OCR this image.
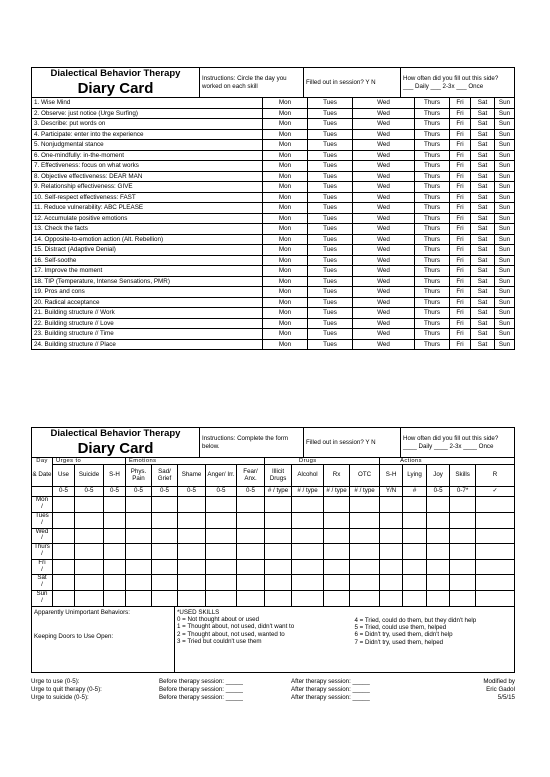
Dialectical Behavior Therapy
Diary Card
	Instructions: Circle the day you worked on each skill	Filled out in session? Y N	
How often did you fill out this side?
___ Daily ___ 2-3x ___ Once
1. Wise Mind	Mon	Tues	Wed	Thurs	Fri	Sat	Sun
2. Observe: just notice (Urge Surfing)	Mon	Tues	Wed	Thurs	Fri	Sat	Sun
3. Describe: put words on	Mon	Tues	Wed	Thurs	Fri	Sat	Sun
4. Participate: enter into the experience	Mon	Tues	Wed	Thurs	Fri	Sat	Sun
5. Nonjudgmental stance	Mon	Tues	Wed	Thurs	Fri	Sat	Sun
6. One-mindfully: in-the-moment	Mon	Tues	Wed	Thurs	Fri	Sat	Sun
7. Effectiveness: focus on what works	Mon	Tues	Wed	Thurs	Fri	Sat	Sun
8. Objective effectiveness: DEAR MAN	Mon	Tues	Wed	Thurs	Fri	Sat	Sun
9. Relationship effectiveness: GIVE	Mon	Tues	Wed	Thurs	Fri	Sat	Sun
10. Self-respect effectiveness: FAST	Mon	Tues	Wed	Thurs	Fri	Sat	Sun
11. Reduce vulnerability: ABC PLEASE	Mon	Tues	Wed	Thurs	Fri	Sat	Sun
12. Accumulate positive emotions	Mon	Tues	Wed	Thurs	Fri	Sat	Sun
13. Check the facts	Mon	Tues	Wed	Thurs	Fri	Sat	Sun
14. Opposite-to-emotion action (Alt. Rebellion)	Mon	Tues	Wed	Thurs	Fri	Sat	Sun
15. Distract (Adaptive Denial)	Mon	Tues	Wed	Thurs	Fri	Sat	Sun
16. Self-soothe	Mon	Tues	Wed	Thurs	Fri	Sat	Sun
17. Improve the moment	Mon	Tues	Wed	Thurs	Fri	Sat	Sun
18. TIP (Temperature, Intense Sensations, PMR)	Mon	Tues	Wed	Thurs	Fri	Sat	Sun
19. Pros and cons	Mon	Tues	Wed	Thurs	Fri	Sat	Sun
20. Radical acceptance	Mon	Tues	Wed	Thurs	Fri	Sat	Sun
21. Building structure // Work	Mon	Tues	Wed	Thurs	Fri	Sat	Sun
22. Building structure // Love	Mon	Tues	Wed	Thurs	Fri	Sat	Sun
23. Building structure // Time	Mon	Tues	Wed	Thurs	Fri	Sat	Sun
24. Building structure // Place	Mon	Tues	Wed	Thurs	Fri	Sat	Sun
Dialectical Behavior Therapy
Diary Card
	Instructions: Complete the form below.	Filled out in session? Y N	
How often did you fill out this side?
____ Daily ____ 2-3x ____ Once
Day	Urges to			Emotions					Drugs				Actions				
& Date	Use	Suicide	S-H	Phys. Pain	Sad/ Grief	Shame	Anger/ Irr.	Fear/ Anx.	Illicit Drugs	Alcohol	Rx	OTC	S-H	Lying	Joy	Skills	R
	0-5	0-5	0-5	0-5	0-5	0-5	0-5	0-5	# / type	# / type	# / type	# / type	Y/N	#	0-5	0-7*	✓

Mon
/																	

Tues
/																	

Wed
/																	

Thurs
/																	

Fri
/																	

Sat
/																	

Sun
/																	

Apparently Unimportant Behaviors:
Keeping Doors to Use Open:

*USED SKILLS
0 = Not thought about or used
1 = Thought about, not used, didn't want to
2 = Thought about, not used, wanted to
3 = Tried but couldn't use them

4 = Tried, could do them, but they didn't help
5 = Tried, could use them, helped
6 = Didn't try, used them, didn't help
7 = Didn't try, used them, helped
Urge to use (0-5):	Before therapy session: _____	After therapy session: _____	Modified by
Urge to quit therapy (0-5):	Before therapy session: _____	After therapy session: _____	Eric Gadol
Urge to suicide (0-5):	Before therapy session: _____	After therapy session: _____	5/5/15
